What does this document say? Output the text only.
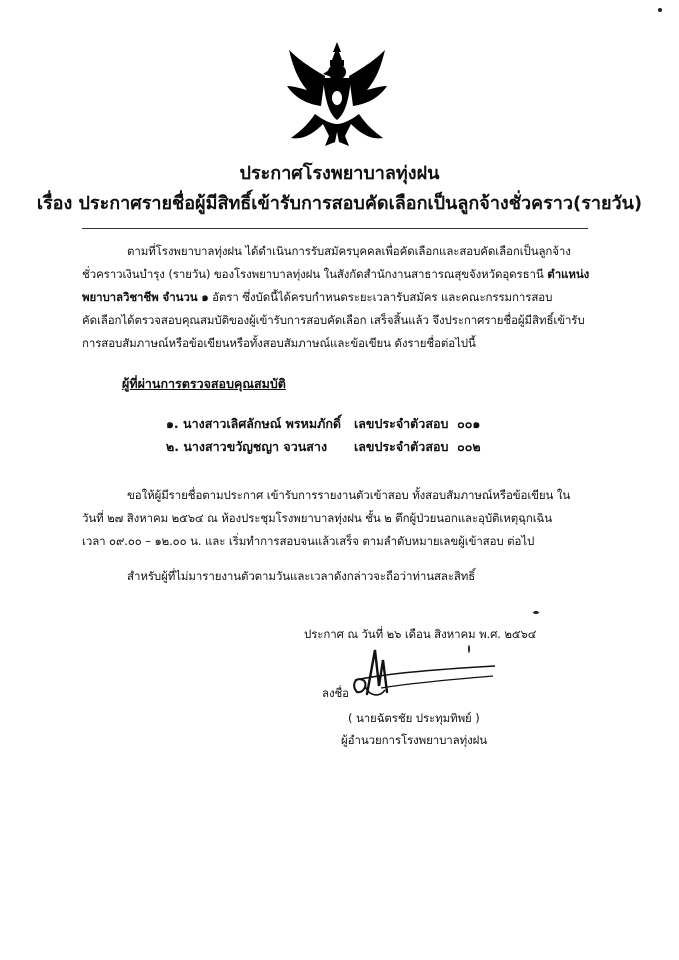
ประกาศโรงพยาบาลทุ่งฝน
เรื่อง ประกาศรายชื่อผู้มีสิทธิ์เข้ารับการสอบคัดเลือกเป็นลูกจ้างชั่วคราว(รายวัน)
ตามที่โรงพยาบาลทุ่งฝน ได้ดำเนินการรับสมัครบุคคลเพื่อคัดเลือกและสอบคัดเลือกเป็นลูกจ้าง
ชั่วคราวเงินบำรุง (รายวัน) ของโรงพยาบาลทุ่งฝน ในสังกัดสำนักงานสาธารณสุขจังหวัดอุดรธานี ตำแหน่ง
พยาบาลวิชาชีพ จำนวน ๑ อัตรา ซึ่งบัดนี้ได้ครบกำหนดระยะเวลารับสมัคร และคณะกรรมการสอบ
คัดเลือกได้ตรวจสอบคุณสมบัติของผู้เข้ารับการสอบคัดเลือก เสร็จสิ้นแล้ว จึงประกาศรายชื่อผู้มีสิทธิ์เข้ารับ
การสอบสัมภาษณ์หรือข้อเขียนหรือทั้งสอบสัมภาษณ์และข้อเขียน ดังรายชื่อต่อไปนี้
ผู้ที่ผ่านการตรวจสอบคุณสมบัติ
๑. นางสาวเลิศลักษณ์ พรหมภักดิ์ เลขประจำตัวสอบ ๐๐๑
๒. นางสาวขวัญชญา จวนสาง เลขประจำตัวสอบ ๐๐๒
ขอให้ผู้มีรายชื่อตามประกาศ เข้ารับการรายงานตัวเข้าสอบ ทั้งสอบสัมภาษณ์หรือข้อเขียน ใน
วันที่ ๒๗ สิงหาคม ๒๕๖๔ ณ ห้องประชุมโรงพยาบาลทุ่งฝน ชั้น ๒ ตึกผู้ป่วยนอกและอุบัติเหตุฉุกเฉิน
เวลา ๐๙.๐๐ – ๑๒.๐๐ น. และ เริ่มทำการสอบจนแล้วเสร็จ ตามลำดับหมายเลขผู้เข้าสอบ ต่อไป
สำหรับผู้ที่ไม่มารายงานตัวตามวันและเวลาดังกล่าวจะถือว่าท่านสละสิทธิ์
ประกาศ ณ วันที่ ๒๖ เดือน สิงหาคม พ.ศ. ๒๕๖๔
ลงชื่อ
( นายฉัตรชัย ประทุมทิพย์ )
ผู้อำนวยการโรงพยาบาลทุ่งฝน
